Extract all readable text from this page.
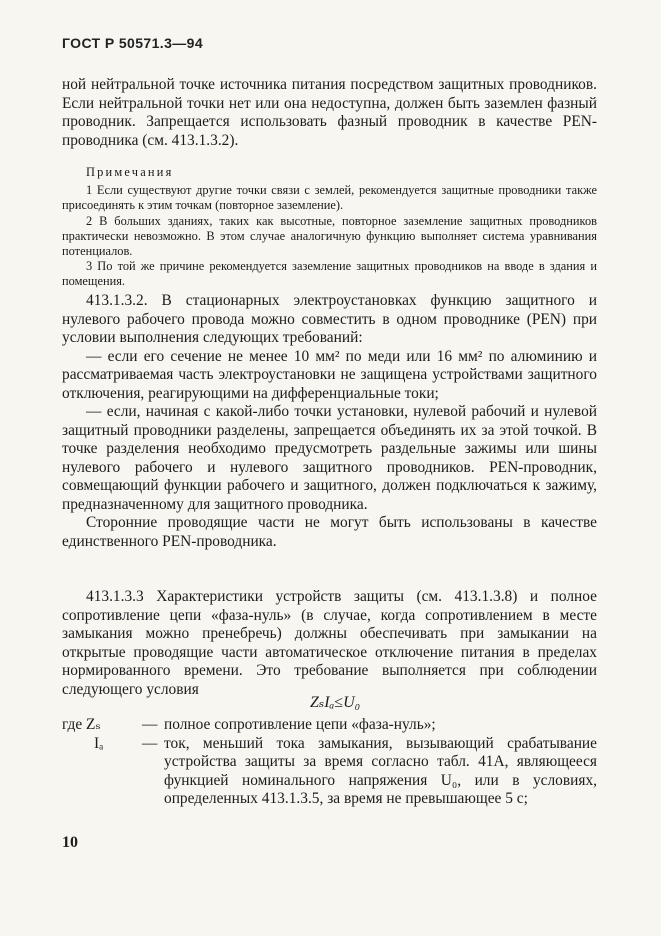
ГОСТ Р 50571.3—94

ной нейтральной точке источника питания посредством защитных проводников. Если нейтральной точки нет или она недоступна, должен быть заземлен фазный проводник. Запрещается использовать фазный проводник в качестве PEN-проводника (см. 413.1.3.2).

Примечания

1 Если существуют другие точки связи с землей, рекомендуется защитные проводники также присоединять к этим точкам (повторное заземление).

2 В больших зданиях, таких как высотные, повторное заземление защитных проводников практически невозможно. В этом случае аналогичную функцию выполняет система уравнивания потенциалов.

3 По той же причине рекомендуется заземление защитных проводников на вводе в здания и помещения.

413.1.3.2. В стационарных электроустановках функцию защитного и нулевого рабочего провода можно совместить в одном проводнике (PEN) при условии выполнения следующих требований:

— если его сечение не менее 10 мм² по меди или 16 мм² по алюминию и рассматриваемая часть электроустановки не защищена устройствами защитного отключения, реагирующими на дифференциальные токи;

— если, начиная с какой-либо точки установки, нулевой рабочий и нулевой защитный проводники разделены, запрещается объединять их за этой точкой. В точке разделения необходимо предусмотреть раздельные зажимы или шины нулевого рабочего и нулевого защитного проводников. PEN-проводник, совмещающий функции рабочего и защитного, должен подключаться к зажиму, предназначенному для защитного проводника.

Сторонние проводящие части не могут быть использованы в качестве единственного PEN-проводника.

413.1.3.3 Характеристики устройств защиты (см. 413.1.3.8) и полное сопротивление цепи «фаза-нуль» (в случае, когда сопротивлением в месте замыкания можно пренебречь) должны обеспечивать при замыкании на открытые проводящие части автоматическое отключение питания в пределах нормированного времени. Это требование выполняется при соблюдении следующего условия

ZₛIₐ≤U₀
где Zₛ	— полное сопротивление цепи «фаза-нуль»;
Iₐ	— ток, меньший тока замыкания, вызывающий срабатывание устройства защиты за время согласно табл. 41А, являющееся функцией номинального напряжения U₀, или в условиях, определенных 413.1.3.5, за время не превышающее 5 с;
10
